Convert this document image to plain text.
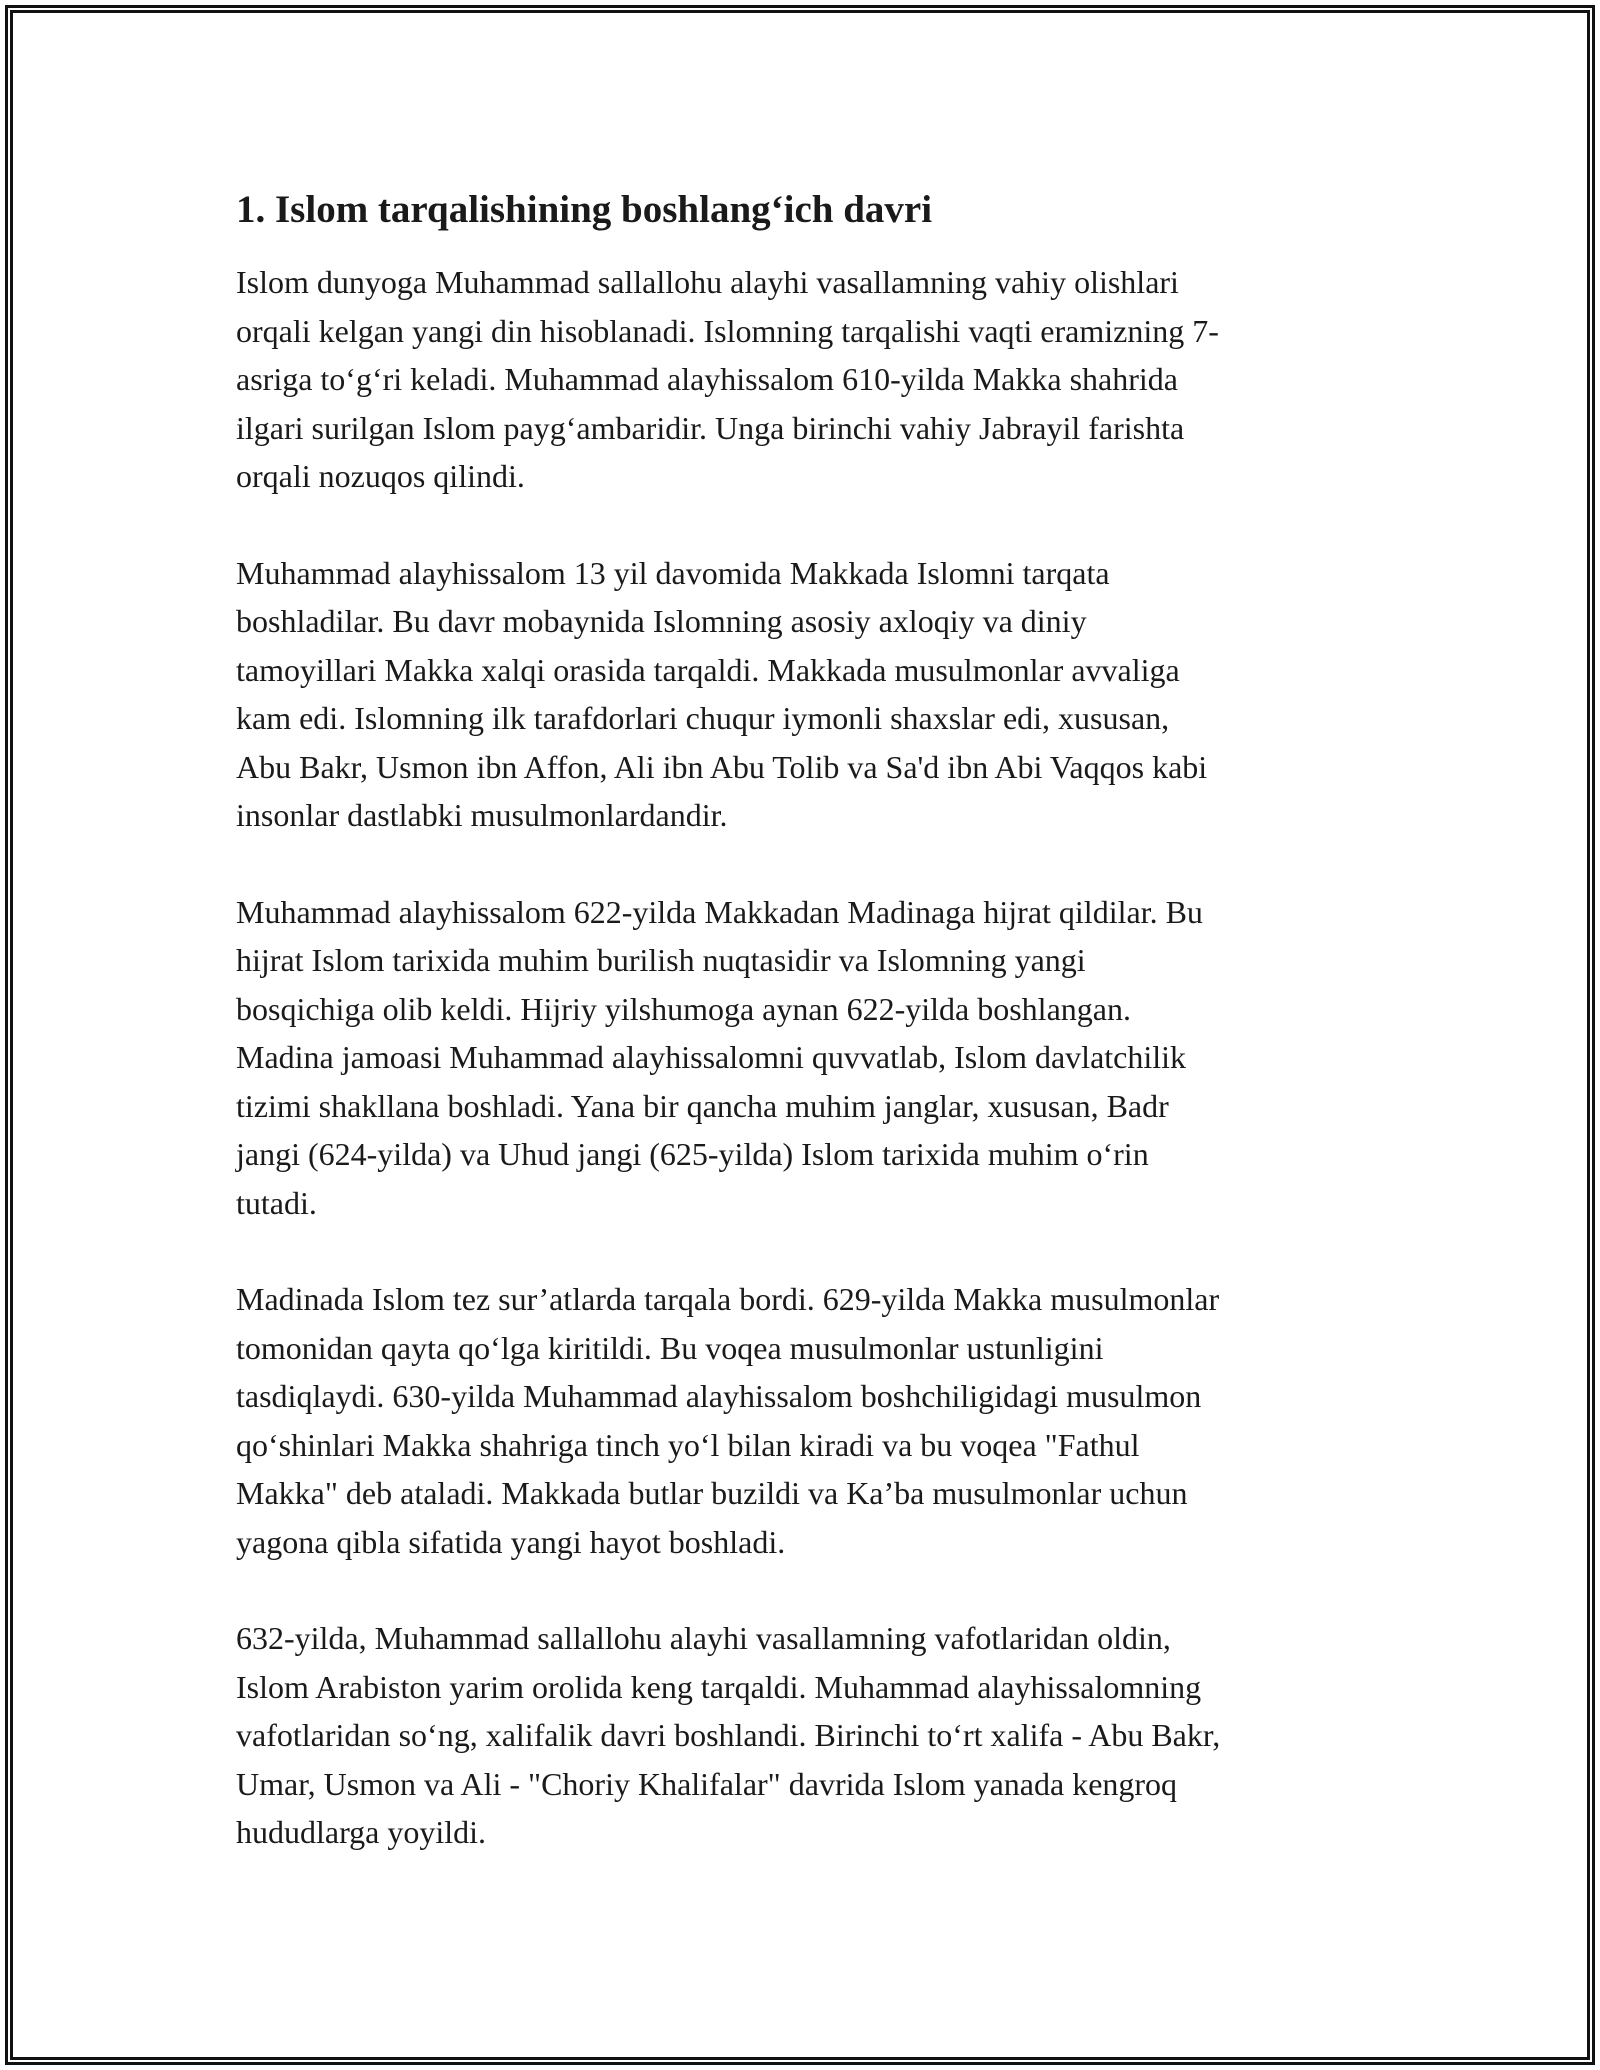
1. Islom tarqalishining boshlang‘ich davri

Islom dunyoga Muhammad sallallohu alayhi vasallamning vahiy olishlari
orqali kelgan yangi din hisoblanadi. Islomning tarqalishi vaqti eramizning 7-
asriga to‘g‘ri keladi. Muhammad alayhissalom 610-yilda Makka shahrida
ilgari surilgan Islom payg‘ambaridir. Unga birinchi vahiy Jabrayil farishta
orqali nozuqos qilindi.

Muhammad alayhissalom 13 yil davomida Makkada Islomni tarqata
boshladilar. Bu davr mobaynida Islomning asosiy axloqiy va diniy
tamoyillari Makka xalqi orasida tarqaldi. Makkada musulmonlar avvaliga
kam edi. Islomning ilk tarafdorlari chuqur iymonli shaxslar edi, xususan,
Abu Bakr, Usmon ibn Affon, Ali ibn Abu Tolib va Sa'd ibn Abi Vaqqos kabi
insonlar dastlabki musulmonlardandir.

Muhammad alayhissalom 622-yilda Makkadan Madinaga hijrat qildilar. Bu
hijrat Islom tarixida muhim burilish nuqtasidir va Islomning yangi
bosqichiga olib keldi. Hijriy yilshumoga aynan 622-yilda boshlangan.
Madina jamoasi Muhammad alayhissalomni quvvatlab, Islom davlatchilik
tizimi shakllana boshladi. Yana bir qancha muhim janglar, xususan, Badr
jangi (624-yilda) va Uhud jangi (625-yilda) Islom tarixida muhim o‘rin
tutadi.

Madinada Islom tez sur’atlarda tarqala bordi. 629-yilda Makka musulmonlar
tomonidan qayta qo‘lga kiritildi. Bu voqea musulmonlar ustunligini
tasdiqlaydi. 630-yilda Muhammad alayhissalom boshchiligidagi musulmon
qo‘shinlari Makka shahriga tinch yo‘l bilan kiradi va bu voqea "Fathul
Makka" deb ataladi. Makkada butlar buzildi va Ka’ba musulmonlar uchun
yagona qibla sifatida yangi hayot boshladi.

632-yilda, Muhammad sallallohu alayhi vasallamning vafotlaridan oldin,
Islom Arabiston yarim orolida keng tarqaldi. Muhammad alayhissalomning
vafotlaridan so‘ng, xalifalik davri boshlandi. Birinchi to‘rt xalifa - Abu Bakr,
Umar, Usmon va Ali - "Choriy Khalifalar" davrida Islom yanada kengroq
hududlarga yoyildi.
